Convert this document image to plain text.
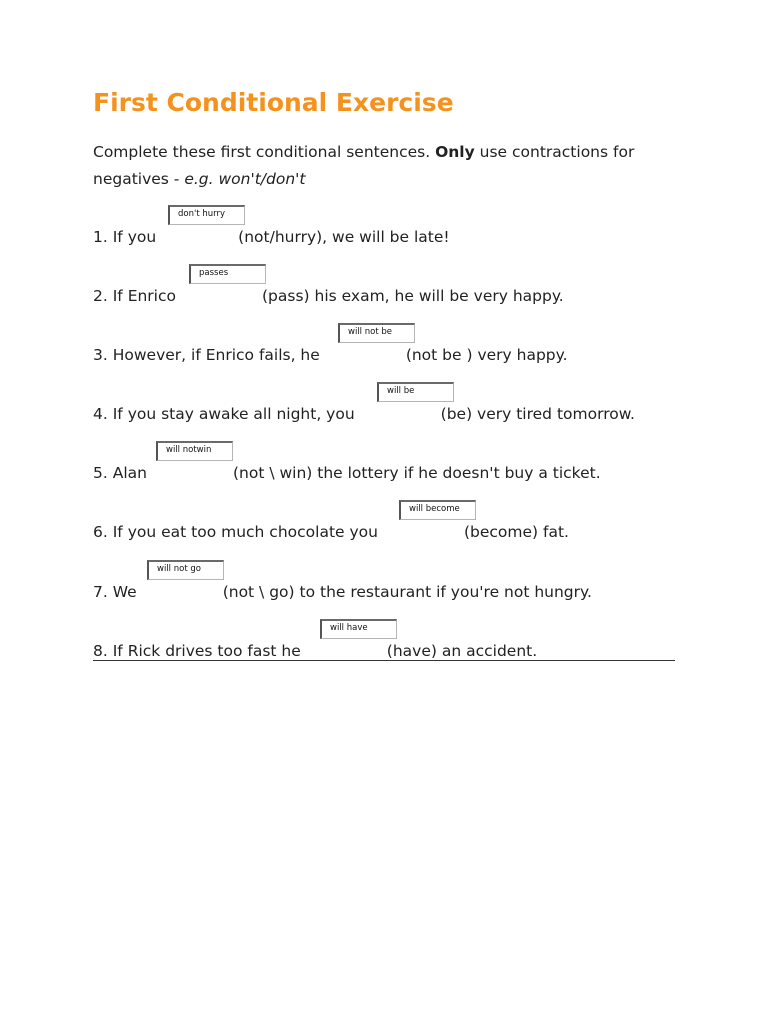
First Conditional Exercise

Complete these first conditional sentences. Only use contractions for negatives - e.g. won't/don't

don't hurry

1. If you	(not/hurry), we will be late!

passes

2. If Enrico	(pass) his exam, he will be very happy.

will not be

3. However, if Enrico fails, he	(not be ) very happy.

will be

4. If you stay awake all night, you	(be) very tired tomorrow.

will notwin

5. Alan	(not \ win) the lottery if he doesn't buy a ticket.

will become

6. If you eat too much chocolate you	(become) fat.

will not go

7. We	(not \ go) to the restaurant if you're not hungry.

will have

8. If Rick drives too fast he	(have) an accident.
